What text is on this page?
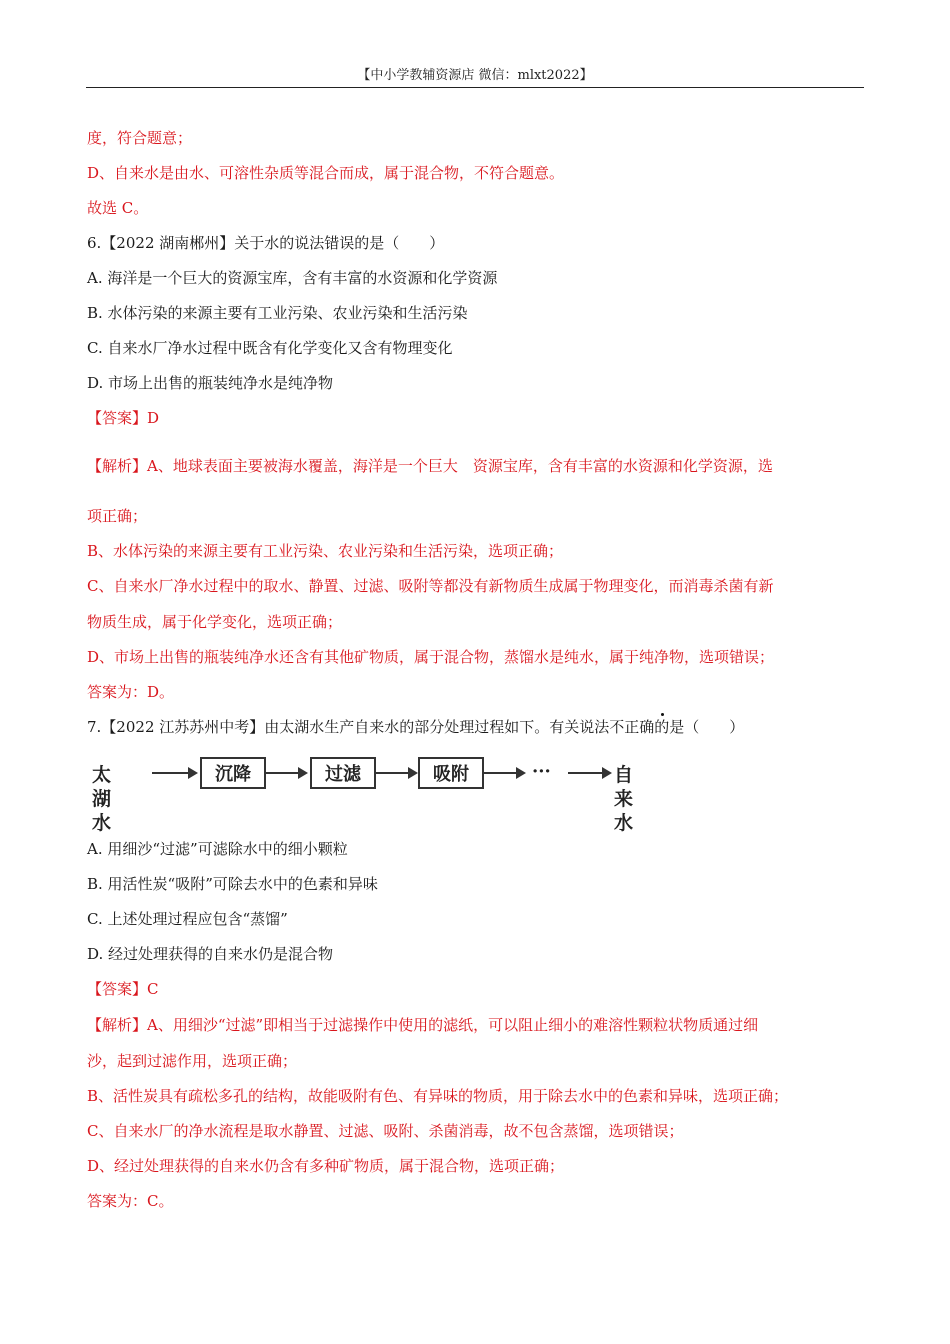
【中小学教辅资源店 微信：mlxt2022】
度，符合题意；
D、自来水是由水、可溶性杂质等混合而成，属于混合物，不符合题意。
故选 C。
6.【2022 湖南郴州】关于水的说法错误的是（　　）
A. 海洋是一个巨大的资源宝库，含有丰富的水资源和化学资源
B. 水体污染的来源主要有工业污染、农业污染和生活污染
C. 自来水厂净水过程中既含有化学变化又含有物理变化
D. 市场上出售的瓶装纯净水是纯净物
【答案】D
【解析】A、地球表面主要被海水覆盖，海洋是一个巨大　资源宝库，含有丰富的水资源和化学资源，选
项正确；
B、水体污染的来源主要有工业污染、农业污染和生活污染，选项正确；
C、自来水厂净水过程中的取水、静置、过滤、吸附等都没有新物质生成属于物理变化，而消毒杀菌有新
物质生成，属于化学变化，选项正确；
D、市场上出售的瓶装纯净水还含有其他矿物质，属于混合物，蒸馏水是纯水，属于纯净物，选项错误；
答案为：D。
7.【2022 江苏苏州中考】由太湖水生产自来水的部分处理过程如下。有关说法不正确的是（　　）
太湖水
沉降	过滤	吸附	···	自来水
A. 用细沙“过滤”可滤除水中的细小颗粒
B. 用活性炭“吸附”可除去水中的色素和异味
C. 上述处理过程应包含“蒸馏”
D. 经过处理获得的自来水仍是混合物
【答案】C
【解析】A、用细沙“过滤”即相当于过滤操作中使用的滤纸，可以阻止细小的难溶性颗粒状物质通过细
沙，起到过滤作用，选项正确；
B、活性炭具有疏松多孔的结构，故能吸附有色、有异味的物质，用于除去水中的色素和异味，选项正确；
C、自来水厂的净水流程是取水静置、过滤、吸附、杀菌消毒，故不包含蒸馏，选项错误；
D、经过处理获得的自来水仍含有多种矿物质，属于混合物，选项正确；
答案为：C。
